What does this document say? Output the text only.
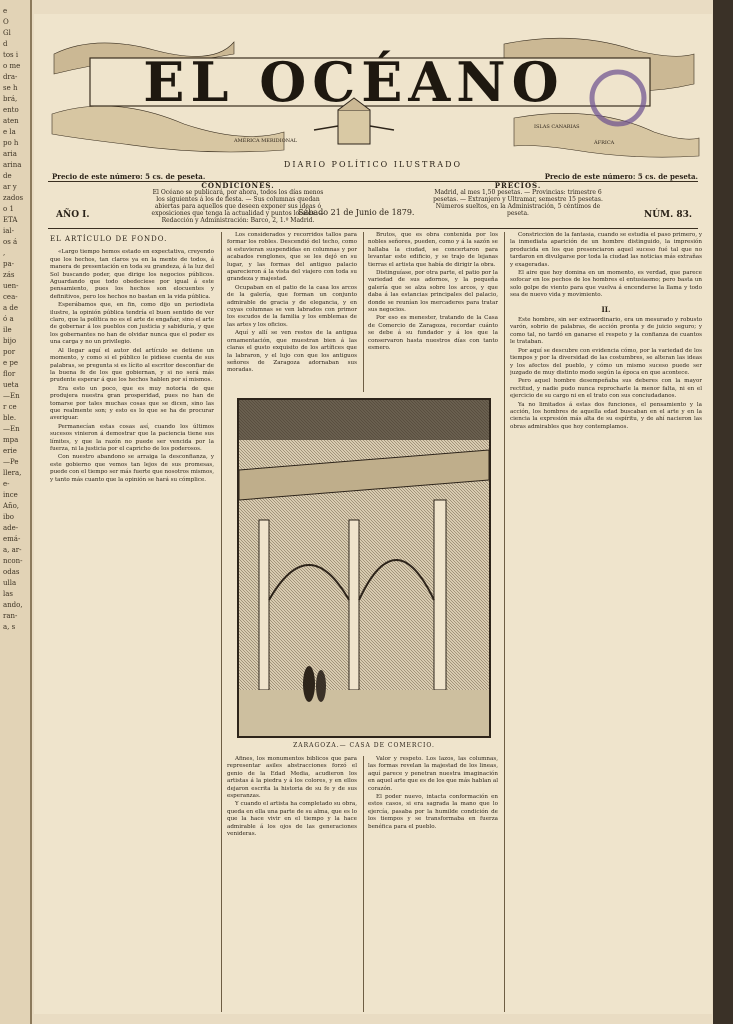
e
O
Gl
d
tos i
o me
dra-
se h
brá,
ento
aten
e la
po h
aria
arina
de
ar y
zados
o 1
ETA
ial-
os á
,
pa-
zás
uen-
cea-
a de
ó a
ile
bijo
por
e pe
flor
ueta
—En
r ce
ble.
—En
mpa
erie
—Pe
llera,
e-
ince
Año,
ibo
ade-
emá-
a, ar-
ncon-
odas
ulla
las
ando,
ran-
a, s
AMÉRICA MERIDIONAL
ISLAS CANARIAS
ÁFRICA
EL OCÉANO
DIARIO POLÍTICO ILUSTRADO
Precio de este número: 5 cs. de peseta.	Precio de este número: 5 cs. de peseta.
AÑO I.
CONDICIONES.
El Océano se publicará, por ahora, todos los días menos los siguientes á los de fiesta. — Sus columnas quedan abiertas para aquellos que deseen exponer sus ideas ó exposiciones que tenga la actualidad y puntos locales. — Redacción y Administración: Barco, 2, 1.º Madrid.
Sábado 21 de Junio de 1879.
PRECIOS.
Madrid, al mes 1,50 pesetas. — Provincias: trimestre 6 pesetas. — Extranjero y Ultramar, semestre 15 pesetas. Números sueltos, en la Administración, 5 céntimos de peseta.	NÚM. 83.
EL ARTÍCULO DE FONDO.

«Largo tiempo hemos estado en expectativa, creyendo que los hechos, tan claros ya en la mente de todos, á manera de presentación en toda su grandeza, á la luz del Sol buscando poder, que dirige los negocios públicos. Aguardando que todo obedeciese por igual á este pensamiento, pues los hechos son elocuentes y definitivos, pero los hechos no bastan en la vida pública.

Esperábamos que, en fin, como dijo un periodista ilustre, la opinión pública tendría el buen sentido de ver claro, que la política no es el arte de engañar, sino el arte de gobernar á los pueblos con justicia y sabiduría, y que los gobernantes no han de olvidar nunca que el poder es una carga y no un privilegio.

Al llegar aquí el autor del artículo se detiene un momento, y como si el público le pidiese cuenta de sus palabras, se pregunta si es lícito al escritor desconfiar de la buena fe de los que gobiernan, y si no será más prudente esperar á que los hechos hablen por sí mismos.

Era esto un poco, que es muy notoria de que produjera nuestra gran prosperidad, pues no han de tomarse por tales muchas cosas que se dicen, sino las que realmente son; y esto es lo que se ha de procurar averiguar.

Permanecían estas cosas así, cuando los últimos sucesos vinieron á demostrar que la paciencia tiene sus límites, y que la razón no puede ser vencida por la fuerza, ni la justicia por el capricho de los poderosos.

Con nuestro abandono se arraiga la desconfianza, y este gobierno que vemos tan lejos de sus promesas, puede con el tiempo ser más fuerte que nosotros mismos, y tanto más cuanto que la opinión se hará su cómplice.

Los considerados y recorridos tallos para formar los robles. Descendió del techo, como si estuvieran suspendidas en columnas y por acabados renglones, que se les dejó en su lugar, y las formas del antiguo palacio aparecieron á la vista del viajero con toda su grandeza y majestad.

Ocupaban en el patio de la casa los arcos de la galería, que forman un conjunto admirable de gracia y de elegancia, y en cuyas columnas se ven labrados con primor los escudos de la familia y los emblemas de las artes y los oficios.

Aquí y allí se ven restos de la antigua ornamentación, que muestran bien á las claras el gusto exquisito de los artífices que la labraron, y el lujo con que los antiguos señores de Zaragoza adornaban sus moradas.

Brutos, que es obra contenida por los nobles señores, pueden, como y á la sazón se hallaba la ciudad, se concertaron para levantar este edificio, y se trajo de lejanas tierras el artista que había de dirigir la obra.

Distinguíase, por otra parte, el patio por la variedad de sus adornos, y la pequeña galería que se alza sobre los arcos, y que daba á las estancias principales del palacio, donde se reunían los mercaderes para tratar sus negocios.

Por eso es menester, tratando de la Casa de Comercio de Zaragoza, recordar cuánto se debe á su fundador y á los que la conservaron hasta nuestros días con tanto esmero.

ZARAGOZA.— CASA DE COMERCIO.

Afines, los monumentos bíblicos que para representar asiles abstracciones forzó el genio de la Edad Media, acudieron los artistas á la piedra y á los colores, y en ellos dejaron escrita la historia de su fe y de sus esperanzas.

Y cuando el artista ha completado su obra, queda en ella una parte de su alma, que es lo que la hace vivir en el tiempo y la hace admirable á los ojos de las generaciones venideras.

Valor y respeto. Los lazos, las columnas, las formas revelan la majestad de los lineas, aquí parece y penetran nuestra imaginación en aquel arte que es de los que más hablan al corazón.

El poder nuevo, intacta conformación en estos casos, si era sagrada la mano que lo ejercía, pasaba por la humilde condición de los tiempos y se transformaba en fuerza benéfica para el pueblo.

Constricción de la fantasía, cuando se estudia el paso primero, y la inmediata aparición de un hombre distinguido, la impresión producida en los que presenciaron aquel suceso fué tal que no tardaron en divulgarse por toda la ciudad las noticias más extrañas y exageradas.

El aire que hoy domina en un momento, es verdad, que parece sofocar en los pechos de los hombres el entusiasmo; pero basta un solo golpe de viento para que vuelva á encenderse la llama y todo sea de nuevo vida y movimiento.

II.

Este hombre, sin ser extraordinario, era un mesurado y robusto varón, sobrio de palabras, de acción pronta y de juicio seguro; y como tal, no tardó en ganarse el respeto y la confianza de cuantos le trataban.

Por aquí se descubre con evidencia cómo, por la variedad de los tiempos y por la diversidad de las costumbres, se alteran las ideas y los afectos del pueblo, y cómo un mismo suceso puede ser juzgado de muy distinto modo según la época en que acontece.

Pero aquel hombre desempeñaba sus deberes con la mayor rectitud, y nadie pudo nunca reprocharle la menor falta, ni en el ejercicio de su cargo ni en el trato con sus conciudadanos.

Ya no limitados á estas dos funciones, el pensamiento y la acción, los hombres de aquella edad buscaban en el arte y en la ciencia la expresión más alta de su espíritu, y de ahí nacieron las obras admirables que hoy contemplamos.
